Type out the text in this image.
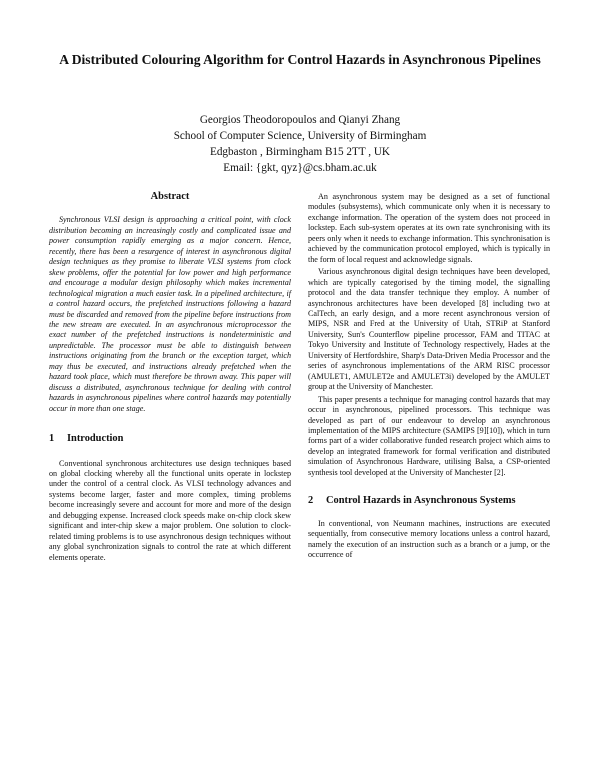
A Distributed Colouring Algorithm for Control Hazards in Asynchronous Pipelines
Georgios Theodoropoulos and Qianyi Zhang
School of Computer Science, University of Birmingham
Edgbaston , Birmingham B15 2TT , UK
Email: {gkt, qyz}@cs.bham.ac.uk
Abstract

Synchronous VLSI design is approaching a critical point, with clock distribution becoming an increasingly costly and complicated issue and power consumption rapidly emerging as a major concern. Hence, recently, there has been a resurgence of interest in asynchronous digital design techniques as they promise to liberate VLSI systems from clock skew problems, offer the potential for low power and high performance and encourage a modular design philosophy which makes incremental technological migration a much easier task. In a pipelined architecture, if a control hazard occurs, the prefetched instructions following a hazard must be discarded and removed from the pipeline before instructions from the new stream are executed. In an asynchronous microprocessor the exact number of the prefetched instructions is nondeterministic and unpredictable. The processor must be able to distinguish between instructions originating from the branch or the exception target, which may thus be executed, and instructions already prefetched when the hazard took place, which must therefore be thrown away. This paper will discuss a distributed, asynchronous technique for dealing with control hazards in asynchronous pipelines where control hazards may potentially occur in more than one stage.

1 Introduction

Conventional synchronous architectures use design techniques based on global clocking whereby all the functional units operate in lockstep under the control of a central clock. As VLSI technology advances and systems become larger, faster and more complex, timing problems become increasingly severe and account for more and more of the design and debugging expense. Increased clock speeds make on-chip clock skew significant and inter-chip skew a major problem. One solution to clock-related timing problems is to use asynchronous design techniques without any global synchronization signals to control the rate at which different elements operate.

An asynchronous system may be designed as a set of functional modules (subsystems), which communicate only when it is necessary to exchange information. The operation of the system does not proceed in lockstep. Each sub-system operates at its own rate synchronising with its peers only when it needs to exchange information. This synchronisation is achieved by the communication protocol employed, which is typically in the form of local request and acknowledge signals.

Various asynchronous digital design techniques have been developed, which are typically categorised by the timing model, the signalling protocol and the data transfer technique they employ. A number of asynchronous architectures have been developed [8] including two at CalTech, an early design, and a more recent asynchronous version of MIPS, NSR and Fred at the University of Utah, STRiP at Stanford University, Sun's Counterflow pipeline processor, FAM and TITAC at Tokyo University and Institute of Technology respectively, Hades at the University of Hertfordshire, Sharp's Data-Driven Media Processor and the series of asynchronous implementations of the ARM RISC processor (AMULET1, AMULET2e and AMULET3i) developed by the AMULET group at the University of Manchester.

This paper presents a technique for managing control hazards that may occur in asynchronous, pipelined processors. This technique was developed as part of our endeavour to develop an asynchronous implementation of the MIPS architecture (SAMIPS [9][10]), which in turn forms part of a wider collaborative funded research project which aims to develop an integrated framework for formal verification and distributed simulation of Asynchronous Hardware, utilising Balsa, a CSP-oriented synthesis tool developed at the University of Manchester [2].

2 Control Hazards in Asynchronous Systems

In conventional, von Neumann machines, instructions are executed sequentially, from consecutive memory locations unless a control hazard, namely the execution of an instruction such as a branch or a jump, or the occurrence of
